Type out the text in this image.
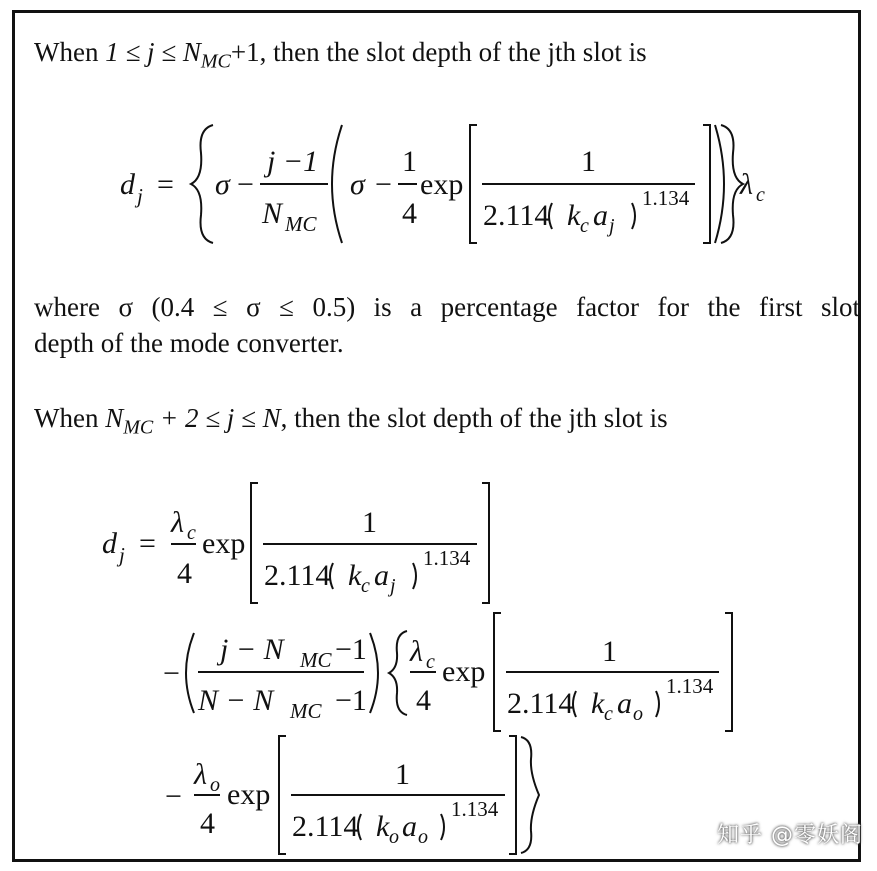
When $1 \le j \le N_{MC}+1$, then the slot depth of the jth slot is
d j = σ −
j −1
N MC
σ −
1
4
exp
1
2.114 k c a j
1.134 λ c
where σ (0.4 ≤ σ ≤ 0.5) is a percentage factor for the first slot
depth of the mode converter.
When $N_{MC} + 2 \le j \le N$, then the slot depth of the jth slot is
d j =
λ c
4
exp
1
2.114 k c a j
1.134
−
j − N MC −1
N − N MC −1
λ c
4
exp
1
2.114 k c a o
1.134
−
λ o
4
exp
1
2.114 k o a o
1.134
知乎 @零妖阁
